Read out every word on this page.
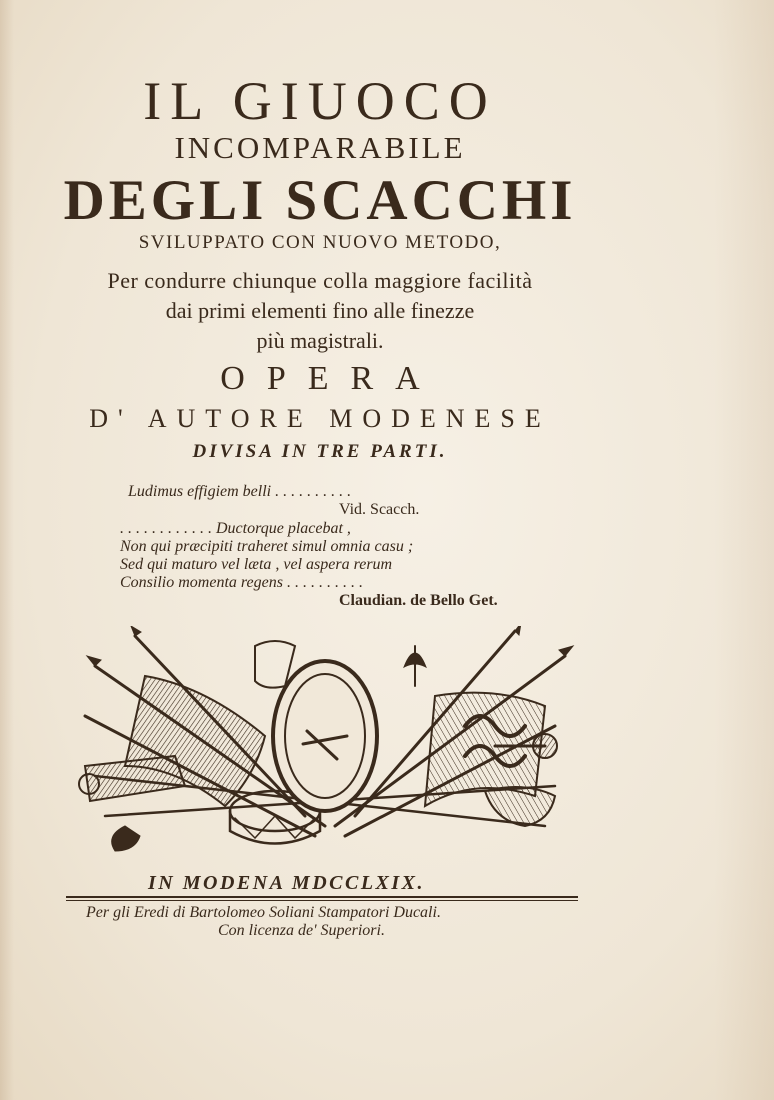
IL GIUOCO
INCOMPARABILE
DEGLI SCACCHI
SVILUPPATO CON NUOVO METODO,
Per condurre chiunque colla maggiore facilità
dai primi elementi fino alle finezze
più magistrali.
OPERA
D' AUTORE MODENESE
DIVISA IN TRE PARTI.
Ludimus effigiem belli . . . . . . . . . .
Vid. Scacch.
. . . . . . . . . . . . Ductorque placebat ,
Non qui præcipiti traheret simul omnia casu ;
Sed qui maturo vel læta , vel aspera rerum
Consilio momenta regens . . . . . . . . . .
Claudian. de Bello Get.
IN MODENA MDCCLXIX.
Per gli Eredi di Bartolomeo Soliani Stampatori Ducali.
Con licenza de' Superiori.
